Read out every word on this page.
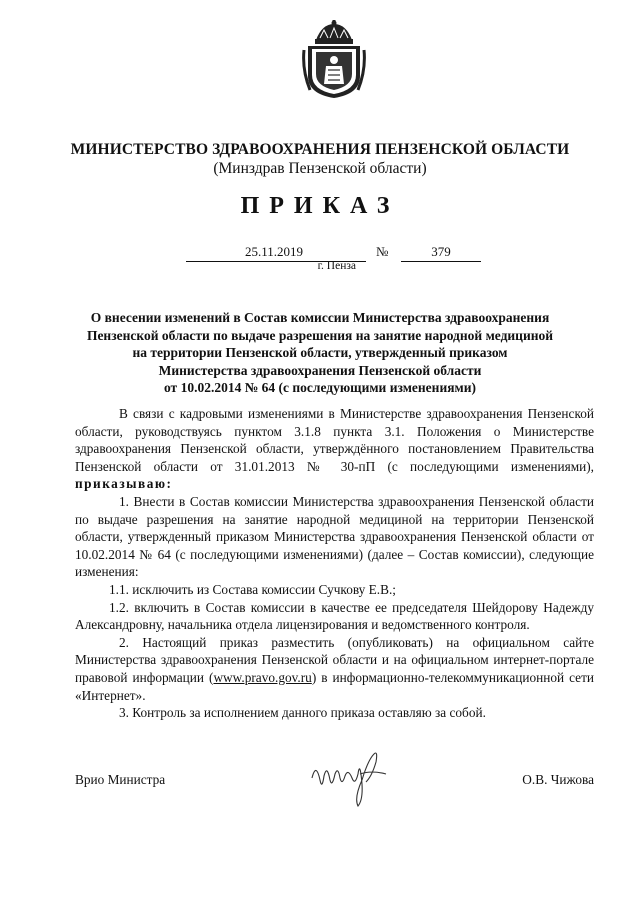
МИНИСТЕРСТВО ЗДРАВООХРАНЕНИЯ ПЕНЗЕНСКОЙ ОБЛАСТИ
(Минздрав Пензенской области)
ПРИКАЗ
25.11.2019	№	379
г. Пенза
О внесении изменений в Состав комиссии Министерства здравоохранения
Пензенской области по выдаче разрешения на занятие народной медициной
на территории Пензенской области, утвержденный приказом
Министерства здравоохранения Пензенской области
от 10.02.2014 № 64 (с последующими изменениями)

В связи с кадровыми изменениями в Министерстве здравоохранения Пензенской области, руководствуясь пунктом 3.1.8 пункта 3.1. Положения о Министерстве здравоохранения Пензенской области, утверждённого постановлением Правительства Пензенской области от 31.01.2013 № 30-пП (с последующими изменениями), приказываю:

1. Внести в Состав комиссии Министерства здравоохранения Пензенской области по выдаче разрешения на занятие народной медициной на территории Пензенской области, утвержденный приказом Министерства здравоохранения Пензенской области от 10.02.2014 № 64 (с последующими изменениями) (далее – Состав комиссии), следующие изменения:

1.1. исключить из Состава комиссии Сучкову Е.В.;

1.2. включить в Состав комиссии в качестве ее председателя Шейдорову Надежду Александровну, начальника отдела лицензирования и ведомственного контроля.

2. Настоящий приказ разместить (опубликовать) на официальном сайте Министерства здравоохранения Пензенской области и на официальном интернет-портале правовой информации (www.pravo.gov.ru) в информационно-телекоммуникационной сети «Интернет».

3. Контроль за исполнением данного приказа оставляю за собой.

Врио Министра	О.В. Чижова
